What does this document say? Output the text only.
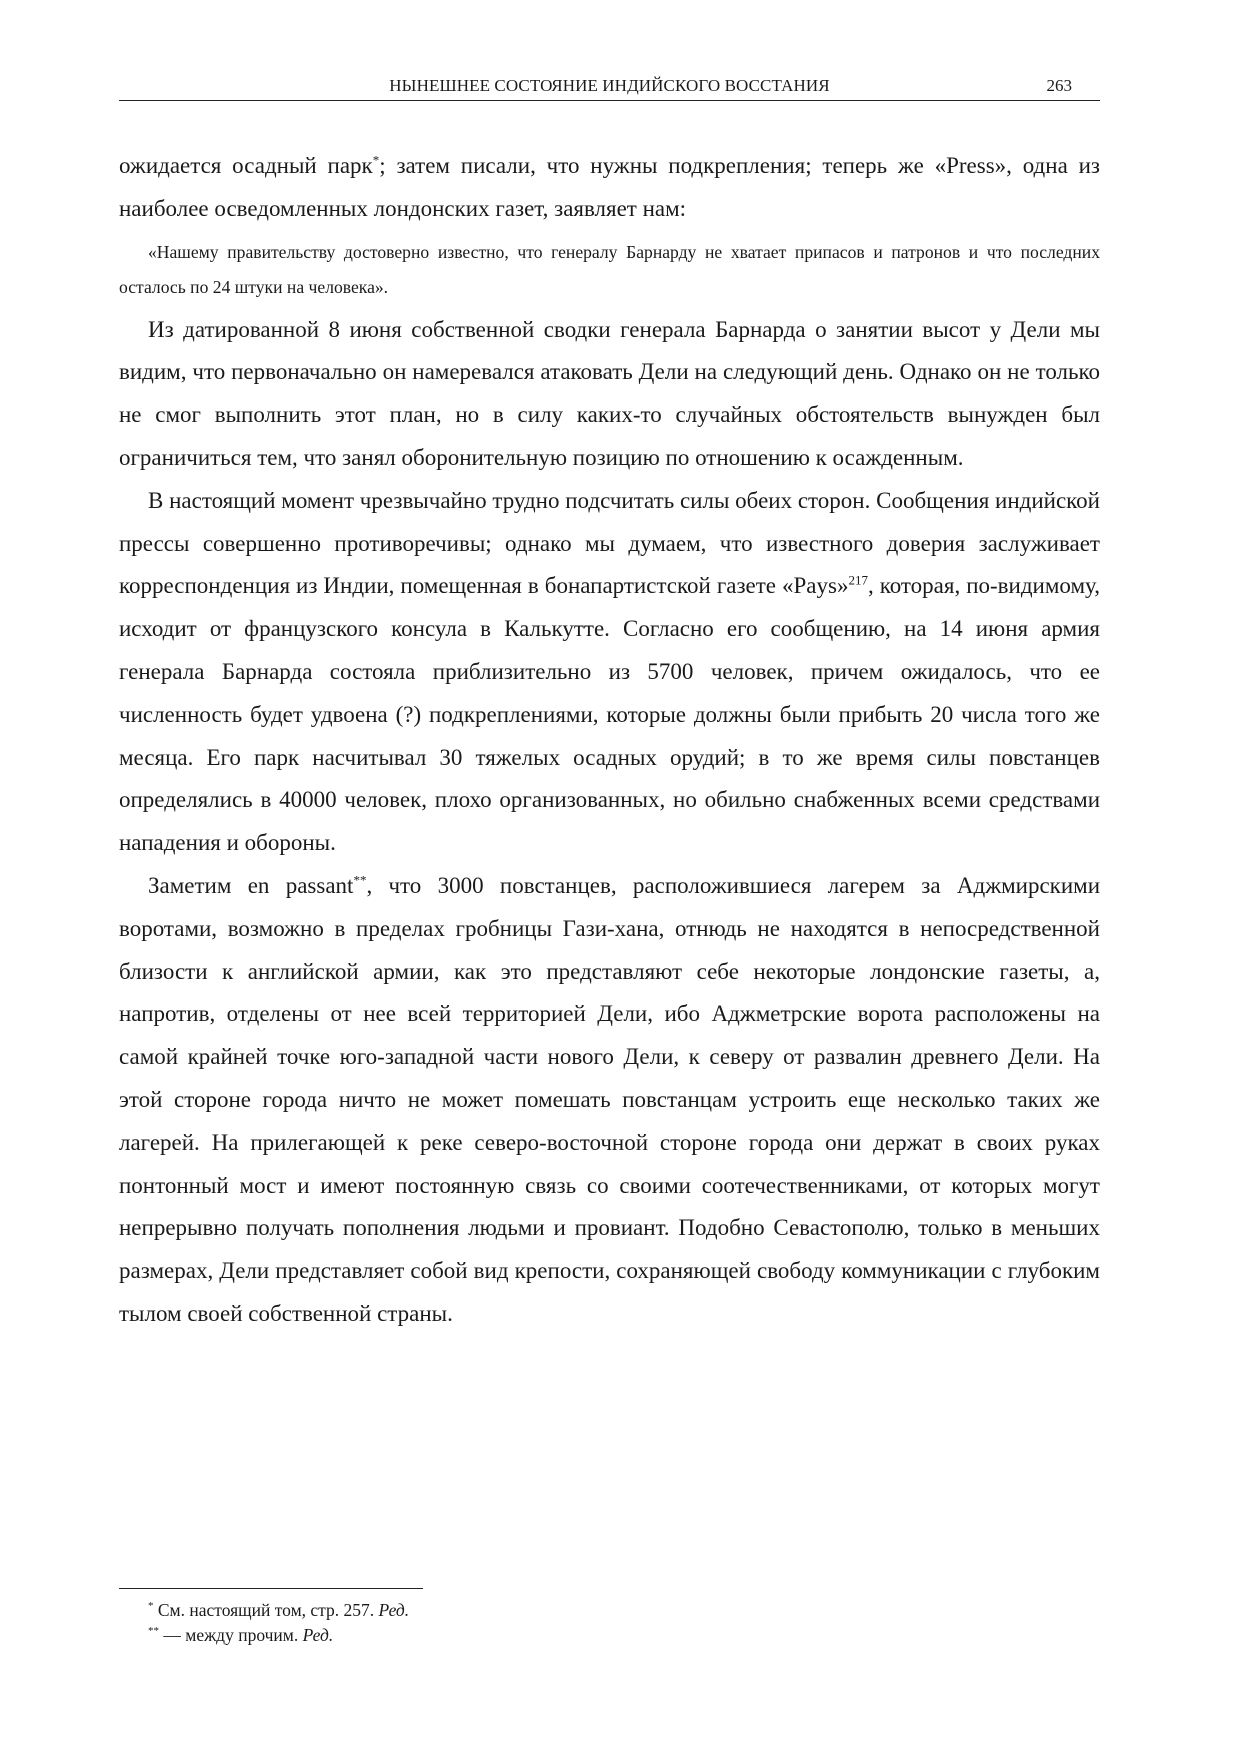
НЫНЕШНЕЕ СОСТОЯНИЕ ИНДИЙСКОГО ВОССТАНИЯ	263

ожидается осадный парк*; затем писали, что нужны подкрепления; теперь же «Press», одна из наиболее осведомленных лондонских газет, заявляет нам:

«Нашему правительству достоверно известно, что генералу Барнарду не хватает припасов и патронов и что последних осталось по 24 штуки на человека».

Из датированной 8 июня собственной сводки генерала Барнарда о занятии высот у Дели мы видим, что первоначально он намеревался атаковать Дели на следующий день. Однако он не только не смог выполнить этот план, но в силу каких-то случайных обстоятельств вынужден был ограничиться тем, что занял оборонительную позицию по отношению к осажденным.

В настоящий момент чрезвычайно трудно подсчитать силы обеих сторон. Сообщения индийской прессы совершенно противоречивы; однако мы думаем, что известного доверия заслуживает корреспонденция из Индии, помещенная в бонапартистской газете «Pays»$^{217}$, которая, по-видимому, исходит от французского консула в Калькутте. Согласно его сообщению, на 14 июня армия генерала Барнарда состояла приблизительно из 5700 человек, причем ожидалось, что ее численность будет удвоена (?) подкреплениями, которые должны были прибыть 20 числа того же месяца. Его парк насчитывал 30 тяжелых осадных орудий; в то же время силы повстанцев определялись в 40000 человек, плохо организованных, но обильно снабженных всеми средствами нападения и обороны.

Заметим en passant**, что 3000 повстанцев, расположившиеся лагерем за Аджмирскими воротами, возможно в пределах гробницы Гази-хана, отнюдь не находятся в непосредственной близости к английской армии, как это представляют себе некоторые лондонские газеты, а, напротив, отделены от нее всей территорией Дели, ибо Аджметрские ворота расположены на самой крайней точке юго-западной части нового Дели, к северу от развалин древнего Дели. На этой стороне города ничто не может помешать повстанцам устроить еще несколько таких же лагерей. На прилегающей к реке северо-восточной стороне города они держат в своих руках понтонный мост и имеют постоянную связь со своими соотечественниками, от которых могут непрерывно получать пополнения людьми и провиант. Подобно Севастополю, только в меньших размерах, Дели представляет собой вид крепости, сохраняющей свободу коммуникации с глубоким тылом своей собственной страны.

* См. настоящий том, стр. 257. Ред.

** — между прочим. Ред.
